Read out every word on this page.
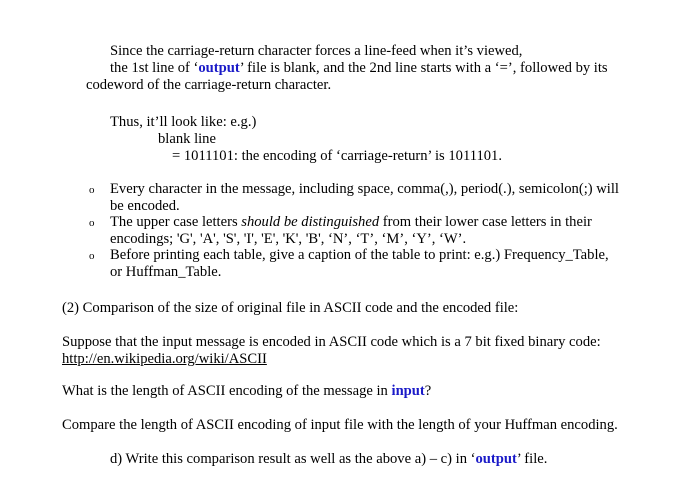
Since the carriage-return character forces a line-feed when it’s viewed,
the 1st line of ‘output’ file is blank, and the 2nd line starts with a ‘=’, followed by its
codeword of the carriage-return character.
Thus, it’ll look like: e.g.)
blank line
= 1011101: the encoding of ‘carriage-return’ is 1011101.
o Every character in the message, including space, comma(,), period(.), semicolon(;) will
be encoded.
o The upper case letters should be distinguished from their lower case letters in their
encodings; 'G', 'A', 'S', 'I', 'E', 'K', 'B', ‘N’, ‘T’, ‘M’, ‘Y’, ‘W’.
o Before printing each table, give a caption of the table to print: e.g.) Frequency_Table,
or Huffman_Table.
(2) Comparison of the size of original file in ASCII code and the encoded file:
Suppose that the input message is encoded in ASCII code which is a 7 bit fixed binary code:
http://en.wikipedia.org/wiki/ASCII
What is the length of ASCII encoding of the message in input?
Compare the length of ASCII encoding of input file with the length of your Huffman encoding.
d) Write this comparison result as well as the above a) – c) in ‘output’ file.
